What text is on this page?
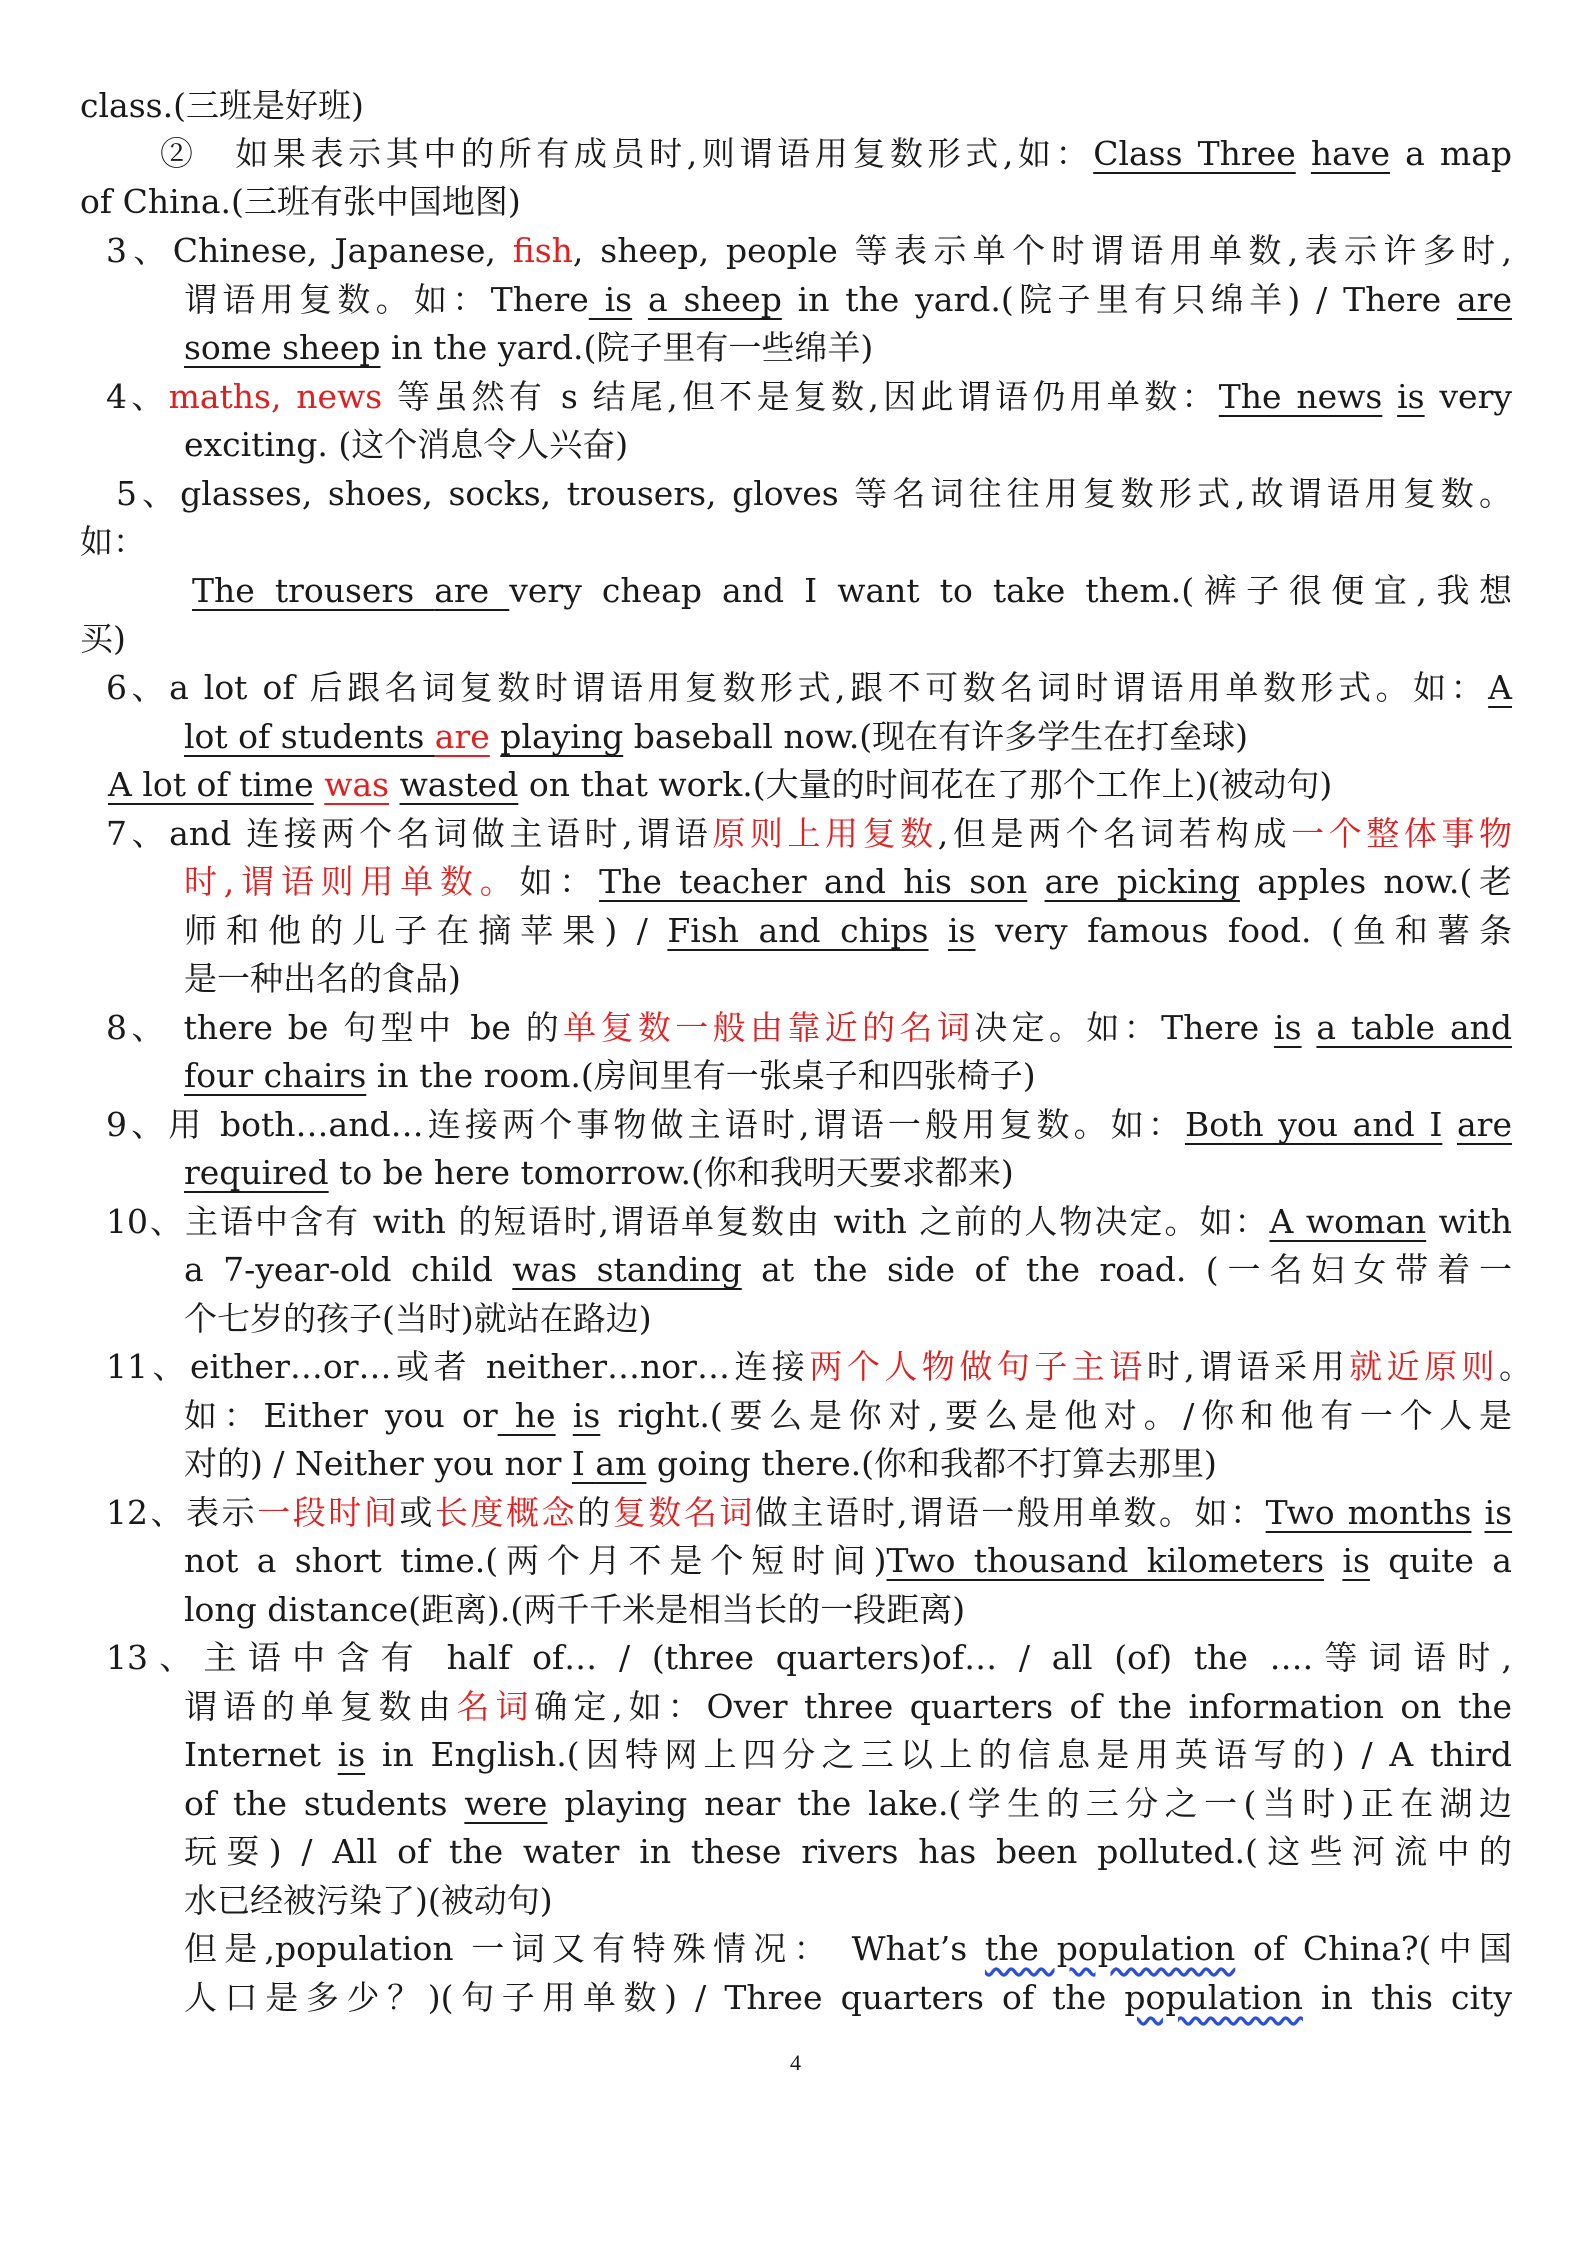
class.(三班是好班)
②　如果表示其中的所有成员时,则谓语用复数形式,如：Class Three have a map
of China.(三班有张中国地图)
3、Chinese, Japanese, fish, sheep, people 等表示单个时谓语用单数,表示许多时,
谓语用复数。如：There is a sheep in the yard.(院子里有只绵羊) / There are
some sheep in the yard.(院子里有一些绵羊)
4、maths, news 等虽然有 s 结尾,但不是复数,因此谓语仍用单数：The news is very
exciting. (这个消息令人兴奋)
5、glasses, shoes, socks, trousers, gloves 等名词往往用复数形式,故谓语用复数。
如：
The trousers are very cheap and I want to take them.(裤子很便宜,我想
买)
6、a lot of 后跟名词复数时谓语用复数形式,跟不可数名词时谓语用单数形式。如：A
lot of students are playing baseball now.(现在有许多学生在打垒球)
A lot of time was wasted on that work.(大量的时间花在了那个工作上)(被动句)
7、and 连接两个名词做主语时,谓语原则上用复数,但是两个名词若构成一个整体事物
时,谓语则用单数。如：The teacher and his son are picking apples now.(老
师和他的儿子在摘苹果) / Fish and chips is very famous food. (鱼和薯条
是一种出名的食品)
8、 there be 句型中 be 的单复数一般由靠近的名词决定。如：There is a table and
four chairs in the room.(房间里有一张桌子和四张椅子)
9、用 both…and…连接两个事物做主语时,谓语一般用复数。如：Both you and I are
required to be here tomorrow.(你和我明天要求都来)
10、主语中含有 with 的短语时,谓语单复数由 with 之前的人物决定。如：A woman with
a 7-year-old child was standing at the side of the road. (一名妇女带着一
个七岁的孩子(当时)就站在路边)
11、either…or…或者 neither…nor…连接两个人物做句子主语时,谓语采用就近原则。
如：Either you or he is right.(要么是你对,要么是他对。/你和他有一个人是
对的) / Neither you nor I am going there.(你和我都不打算去那里)
12、表示一段时间或长度概念的复数名词做主语时,谓语一般用单数。如：Two months is
not a short time.(两个月不是个短时间)Two thousand kilometers is quite a
long distance(距离).(两千千米是相当长的一段距离)
13、主语中含有 half of… / (three quarters)of… / all (of) the ….等词语时,
谓语的单复数由名词确定,如：Over three quarters of the information on the
Internet is in English.(因特网上四分之三以上的信息是用英语写的) / A third
of the students were playing near the lake.(学生的三分之一(当时)正在湖边
玩耍) / All of the water in these rivers has been polluted.(这些河流中的
水已经被污染了)(被动句)
但是,population 一词又有特殊情况： What’s the population of China?(中国
人口是多少？)(句子用单数) / Three quarters of the population in this city
4
